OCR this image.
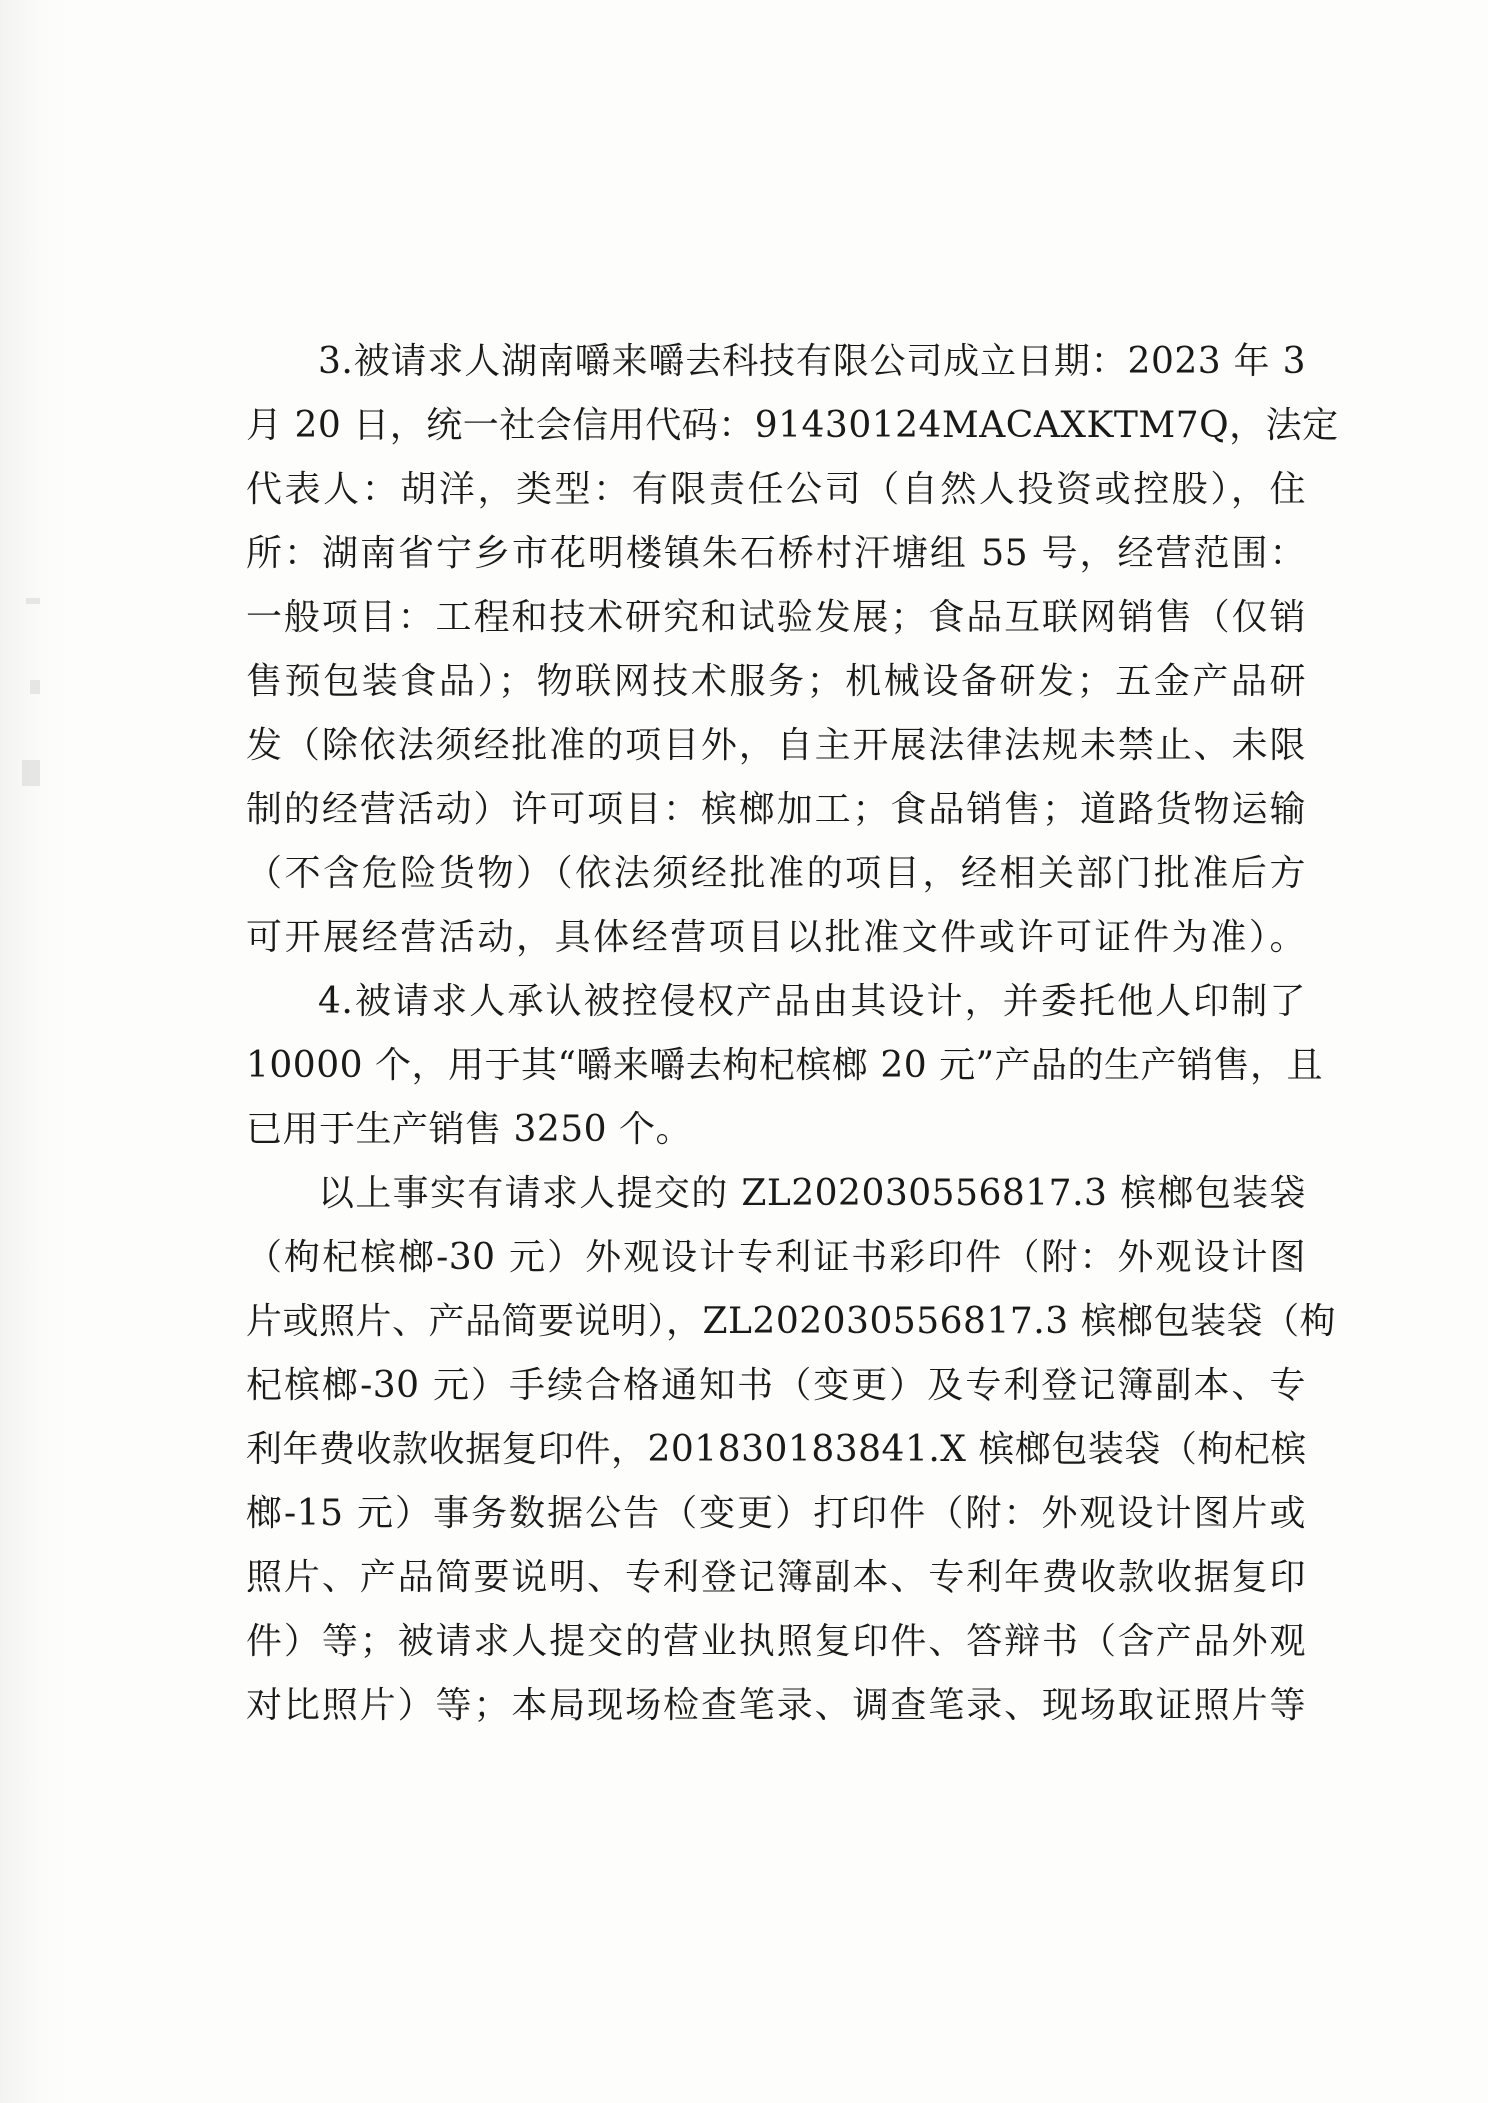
3.被请求人湖南嚼来嚼去科技有限公司成立日期：2023 年 3
月 20 日，统一社会信用代码：91430124MACAXKTM7Q，法定
代表人：胡洋，类型：有限责任公司（自然人投资或控股），住
所：湖南省宁乡市花明楼镇朱石桥村汗塘组 55 号，经营范围：
一般项目：工程和技术研究和试验发展；食品互联网销售（仅销
售预包装食品）；物联网技术服务；机械设备研发；五金产品研
发（除依法须经批准的项目外，自主开展法律法规未禁止、未限
制的经营活动）许可项目：槟榔加工；食品销售；道路货物运输
（不含危险货物）（依法须经批准的项目，经相关部门批准后方
可开展经营活动，具体经营项目以批准文件或许可证件为准）。
4.被请求人承认被控侵权产品由其设计，并委托他人印制了
10000 个，用于其“嚼来嚼去枸杞槟榔 20 元”产品的生产销售，且
已用于生产销售 3250 个。
以上事实有请求人提交的 ZL202030556817.3 槟榔包装袋
（枸杞槟榔-30 元）外观设计专利证书彩印件（附：外观设计图
片或照片、产品简要说明），ZL202030556817.3 槟榔包装袋（枸
杞槟榔-30 元）手续合格通知书（变更）及专利登记簿副本、专
利年费收款收据复印件，201830183841.X 槟榔包装袋（枸杞槟
榔-15 元）事务数据公告（变更）打印件（附：外观设计图片或
照片、产品简要说明、专利登记簿副本、专利年费收款收据复印
件）等；被请求人提交的营业执照复印件、答辩书（含产品外观
对比照片）等；本局现场检查笔录、调查笔录、现场取证照片等
